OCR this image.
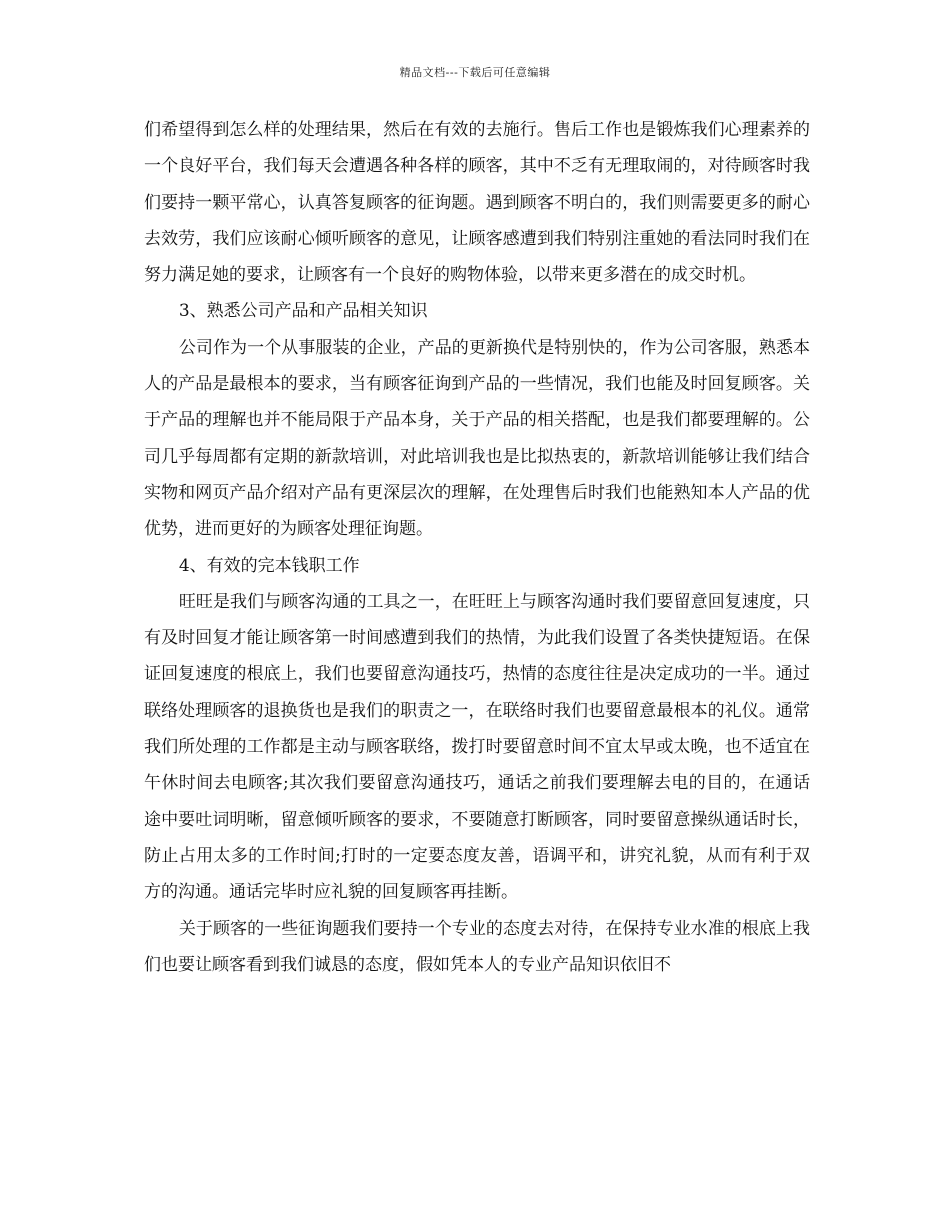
精品文档---下载后可任意编辑

们希望得到怎么样的处理结果，然后在有效的去施行。售后工作也是锻炼我们心理素养的一个良好平台，我们每天会遭遇各种各样的顾客，其中不乏有无理取闹的，对待顾客时我们要持一颗平常心，认真答复顾客的征询题。遇到顾客不明白的，我们则需要更多的耐心去效劳，我们应该耐心倾听顾客的意见，让顾客感遭到我们特别注重她的看法同时我们在努力满足她的要求，让顾客有一个良好的购物体验，以带来更多潜在的成交时机。

3、熟悉公司产品和产品相关知识

公司作为一个从事服装的企业，产品的更新换代是特别快的，作为公司客服，熟悉本人的产品是最根本的要求，当有顾客征询到产品的一些情况，我们也能及时回复顾客。关于产品的理解也并不能局限于产品本身，关于产品的相关搭配，也是我们都要理解的。公司几乎每周都有定期的新款培训，对此培训我也是比拟热衷的，新款培训能够让我们结合实物和网页产品介绍对产品有更深层次的理解，在处理售后时我们也能熟知本人产品的优优势，进而更好的为顾客处理征询题。

4、有效的完本钱职工作

旺旺是我们与顾客沟通的工具之一，在旺旺上与顾客沟通时我们要留意回复速度，只有及时回复才能让顾客第一时间感遭到我们的热情，为此我们设置了各类快捷短语。在保证回复速度的根底上，我们也要留意沟通技巧，热情的态度往往是决定成功的一半。通过联络处理顾客的退换货也是我们的职责之一，在联络时我们也要留意最根本的礼仪。通常我们所处理的工作都是主动与顾客联络，拨打时要留意时间不宜太早或太晚，也不适宜在午休时间去电顾客;其次我们要留意沟通技巧，通话之前我们要理解去电的目的，在通话途中要吐词明晰，留意倾听顾客的要求，不要随意打断顾客，同时要留意操纵通话时长，防止占用太多的工作时间;打时的一定要态度友善，语调平和，讲究礼貌，从而有利于双方的沟通。通话完毕时应礼貌的回复顾客再挂断。

关于顾客的一些征询题我们要持一个专业的态度去对待，在保持专业水准的根底上我们也要让顾客看到我们诚恳的态度，假如凭本人的专业产品知识依旧不
